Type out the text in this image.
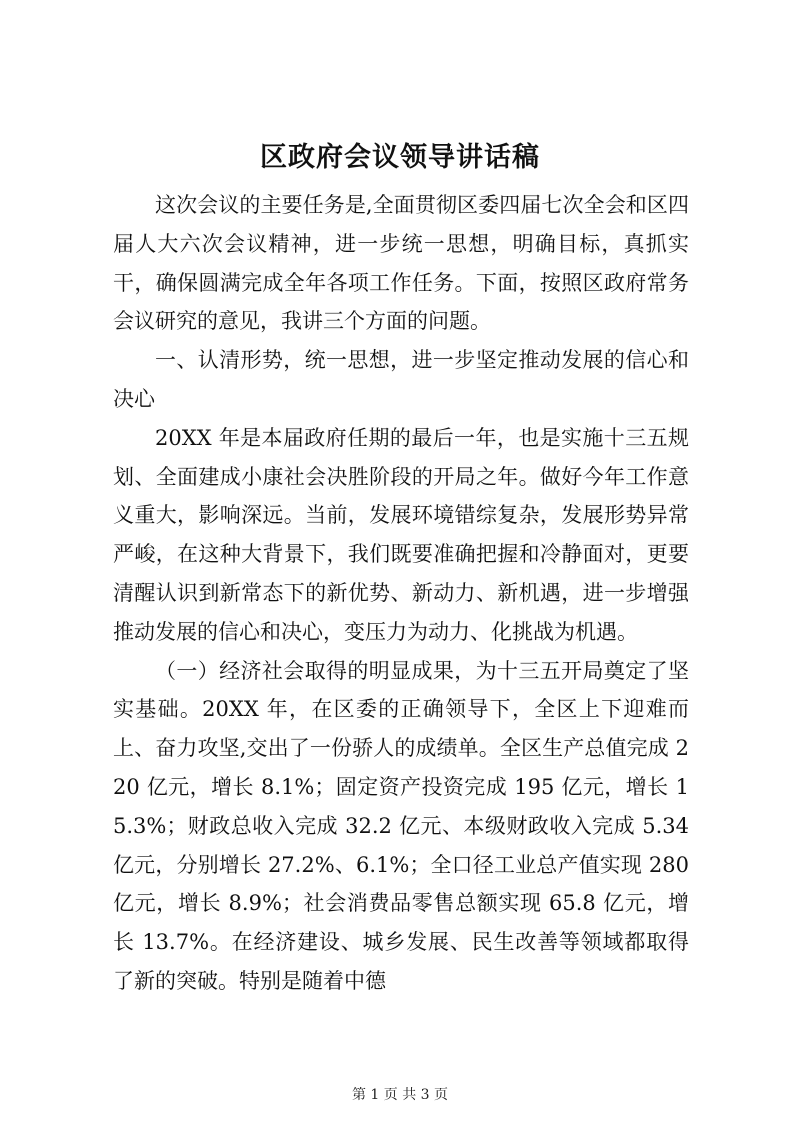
区政府会议领导讲话稿

这次会议的主要任务是,全面贯彻区委四届七次全会和区四届人大六次会议精神，进一步统一思想，明确目标，真抓实干，确保圆满完成全年各项工作任务。下面，按照区政府常务会议研究的意见，我讲三个方面的问题。

一、认清形势，统一思想，进一步坚定推动发展的信心和决心

20XX 年是本届政府任期的最后一年，也是实施十三五规划、全面建成小康社会决胜阶段的开局之年。做好今年工作意义重大，影响深远。当前，发展环境错综复杂，发展形势异常严峻，在这种大背景下，我们既要准确把握和冷静面对，更要清醒认识到新常态下的新优势、新动力、新机遇，进一步增强推动发展的信心和决心，变压力为动力、化挑战为机遇。

（一）经济社会取得的明显成果，为十三五开局奠定了坚实基础。20XX 年，在区委的正确领导下，全区上下迎难而上、奋力攻坚,交出了一份骄人的成绩单。全区生产总值完成 220 亿元，增长 8.1%；固定资产投资完成 195 亿元，增长 15.3%；财政总收入完成 32.2 亿元、本级财政收入完成 5.34 亿元，分别增长 27.2%、6.1%；全口径工业总产值实现 280 亿元，增长 8.9%；社会消费品零售总额实现 65.8 亿元，增长 13.7%。在经济建设、城乡发展、民生改善等领域都取得了新的突破。特别是随着中德

第 1 页 共 3 页
